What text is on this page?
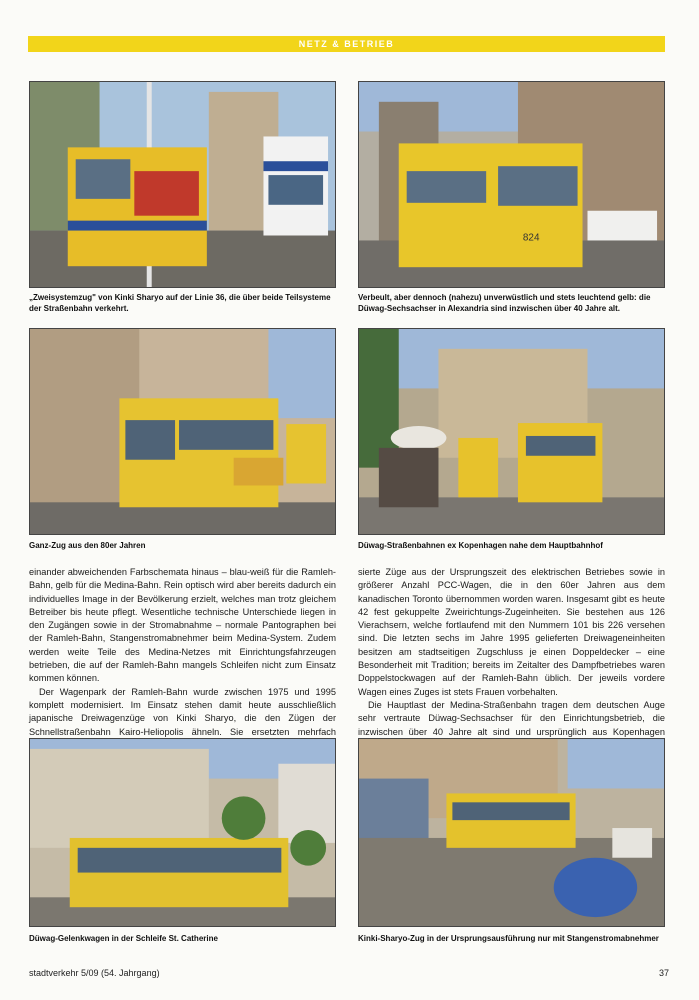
NETZ & BETRIEB
„Zweisystemzug" von Kinki Sharyo auf der Linie 36, die über beide Teilsysteme der Straßenbahn verkehrt.
824
Verbeult, aber dennoch (nahezu) unverwüstlich und stets leuchtend gelb: die Düwag-Sechsachser in Alexandria sind inzwischen über 40 Jahre alt.
Ganz-Zug aus den 80er Jahren	Düwag-Straßenbahnen ex Kopenhagen nahe dem Hauptbahnhof

einander abweichenden Farbschemata hinaus – blau-weiß für die Ramleh-Bahn, gelb für die Medina-Bahn. Rein optisch wird aber bereits dadurch ein individuelles Image in der Bevölkerung erzielt, welches man trotz gleichem Betreiber bis heute pflegt. Wesentliche technische Unterschiede liegen in den Zugängen sowie in der Stromabnahme – normale Pantographen bei der Ramleh-Bahn, Stangenstromabnehmer beim Medina-System. Zudem werden weite Teile des Medina-Netzes mit Einrichtungsfahrzeugen betrieben, die auf der Ramleh-Bahn mangels Schleifen nicht zum Einsatz kommen können.

Der Wagenpark der Ramleh-Bahn wurde zwischen 1975 und 1995 komplett modernisiert. Im Einsatz stehen damit heute ausschließlich japanische Dreiwagenzüge von Kinki Sharyo, die den Zügen der Schnellstraßenbahn Kairo-Heliopolis ähneln. Sie ersetzten mehrfach

sierte Züge aus der Ursprungszeit des elektrischen Betriebes sowie in größerer Anzahl PCC-Wagen, die in den 60er Jahren aus dem kanadischen Toronto übernommen worden waren. Insgesamt gibt es heute 42 fest gekuppelte Zweirichtungs-Zugeinheiten. Sie bestehen aus 126 Vierachsern, welche fortlaufend mit den Nummern 101 bis 226 versehen sind. Die letzten sechs im Jahre 1995 gelieferten Dreiwageneinheiten besitzen am stadtseitigen Zugschluss je einen Doppeldecker – eine Besonderheit mit Tradition; bereits im Zeitalter des Dampfbetriebes waren Doppelstockwagen auf der Ramleh-Bahn üblich. Der jeweils vordere Wagen eines Zuges ist stets Frauen vorbehalten.

Die Hauptlast der Medina-Straßenbahn tragen dem deutschen Auge sehr vertraute Düwag-Sechsachser für den Einrichtungsbetrieb, die inzwischen über 40 Jahre alt sind und ursprünglich aus Kopenhagen

Düwag-Gelenkwagen in der Schleife St. Catherine	Kinki-Sharyo-Zug in der Ursprungsausführung nur mit Stangenstromabnehmer
stadtverkehr 5/09 (54. Jahrgang)	37
